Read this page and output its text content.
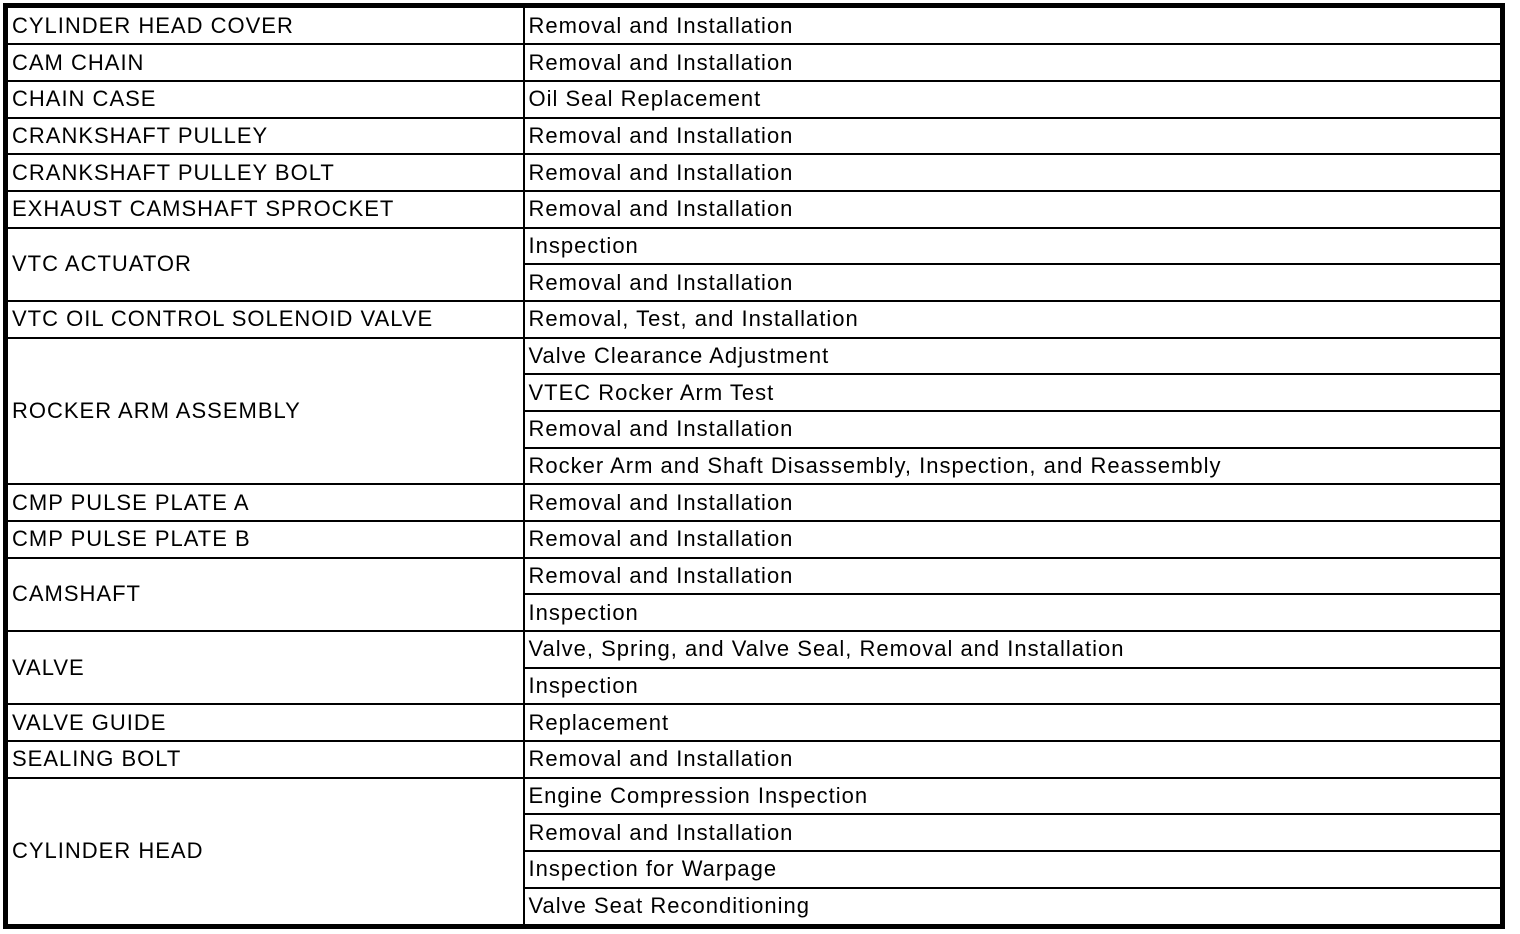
CYLINDER HEAD COVER	Removal and Installation
CAM CHAIN	Removal and Installation
CHAIN CASE	Oil Seal Replacement
CRANKSHAFT PULLEY	Removal and Installation
CRANKSHAFT PULLEY BOLT	Removal and Installation
EXHAUST CAMSHAFT SPROCKET	Removal and Installation
VTC ACTUATOR	Inspection
	Removal and Installation
VTC OIL CONTROL SOLENOID VALVE	Removal, Test, and Installation
ROCKER ARM ASSEMBLY	Valve Clearance Adjustment
	VTEC Rocker Arm Test
	Removal and Installation
	Rocker Arm and Shaft Disassembly, Inspection, and Reassembly
CMP PULSE PLATE A	Removal and Installation
CMP PULSE PLATE B	Removal and Installation
CAMSHAFT	Removal and Installation
	Inspection
VALVE	Valve, Spring, and Valve Seal, Removal and Installation
	Inspection
VALVE GUIDE	Replacement
SEALING BOLT	Removal and Installation
CYLINDER HEAD	Engine Compression Inspection
	Removal and Installation
	Inspection for Warpage
	Valve Seat Reconditioning
